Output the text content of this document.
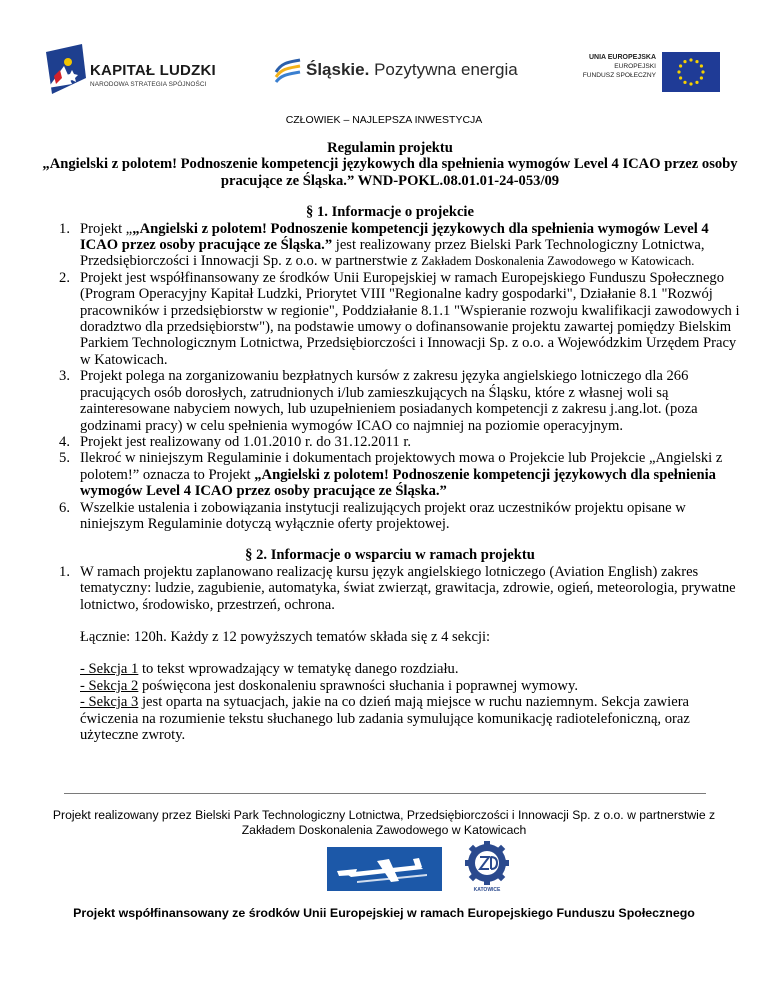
KAPITAŁ LUDZKI
NARODOWA STRATEGIA SPÓJNOŚCI
Śląskie. Pozytywna energia
UNIA EUROPEJSKA
EUROPEJSKI
FUNDUSZ SPOŁECZNY
CZŁOWIEK – NAJLEPSZA INWESTYCJA
Regulamin projektu
„Angielski z polotem! Podnoszenie kompetencji językowych dla spełnienia wymogów Level 4 ICAO przez osoby pracujące ze Śląska.” WND-POKL.08.01.01-24-053/09
§ 1. Informacje o projekcie
1. Projekt „„Angielski z polotem! Podnoszenie kompetencji językowych dla spełnienia wymogów Level 4 ICAO przez osoby pracujące ze Śląska.” jest realizowany przez Bielski Park Technologiczny Lotnictwa, Przedsiębiorczości i Innowacji Sp. z o.o. w partnerstwie z Zakładem Doskonalenia Zawodowego w Katowicach.
2. Projekt jest współfinansowany ze środków Unii Europejskiej w ramach Europejskiego Funduszu Społecznego (Program Operacyjny Kapitał Ludzki, Priorytet VIII "Regionalne kadry gospodarki", Działanie 8.1 "Rozwój pracowników i przedsiębiorstw w regionie", Poddziałanie 8.1.1 "Wspieranie rozwoju kwalifikacji zawodowych i doradztwo dla przedsiębiorstw"), na podstawie umowy o dofinansowanie projektu zawartej pomiędzy Bielskim Parkiem Technologicznym Lotnictwa, Przedsiębiorczości i Innowacji Sp. z o.o. a Wojewódzkim Urzędem Pracy w Katowicach.
3. Projekt polega na zorganizowaniu bezpłatnych kursów z zakresu języka angielskiego lotniczego dla 266 pracujących osób dorosłych, zatrudnionych i/lub zamieszkujących na Śląsku, które z własnej woli są zainteresowane nabyciem nowych, lub uzupełnieniem posiadanych kompetencji z zakresu j.ang.lot. (poza godzinami pracy) w celu spełnienia wymogów ICAO co najmniej na poziomie operacyjnym.
4. Projekt jest realizowany od 1.01.2010 r. do 31.12.2011 r.
5. Ilekroć w niniejszym Regulaminie i dokumentach projektowych mowa o Projekcie lub Projekcie „Angielski z polotem!” oznacza to Projekt „Angielski z polotem! Podnoszenie kompetencji językowych dla spełnienia wymogów Level 4 ICAO przez osoby pracujące ze Śląska.”
6. Wszelkie ustalenia i zobowiązania instytucji realizujących projekt oraz uczestników projektu opisane w niniejszym Regulaminie dotyczą wyłącznie oferty projektowej.
§ 2. Informacje o wsparciu w ramach projektu
1. W ramach projektu zaplanowano realizację kursu język angielskiego lotniczego (Aviation English) zakres tematyczny: ludzie, zagubienie, automatyka, świat zwierząt, grawitacja, zdrowie, ogień, meteorologia, prywatne lotnictwo, środowisko, przestrzeń, ochrona.
Łącznie: 120h. Każdy z 12 powyższych tematów składa się z 4 sekcji:
- Sekcja 1 to tekst wprowadzający w tematykę danego rozdziału.
- Sekcja 2 poświęcona jest doskonaleniu sprawności słuchania i poprawnej wymowy.
- Sekcja 3 jest oparta na sytuacjach, jakie na co dzień mają miejsce w ruchu naziemnym. Sekcja zawiera ćwiczenia na rozumienie tekstu słuchanego lub zadania symulujące komunikację radiotelefoniczną, oraz użyteczne zwroty.
Projekt realizowany przez Bielski Park Technologiczny Lotnictwa, Przedsiębiorczości i Innowacji Sp. z o.o. w partnerstwie z Zakładem Doskonalenia Zawodowego w Katowicach
KATOWICE
Projekt współfinansowany ze środków Unii Europejskiej w ramach Europejskiego Funduszu Społecznego
